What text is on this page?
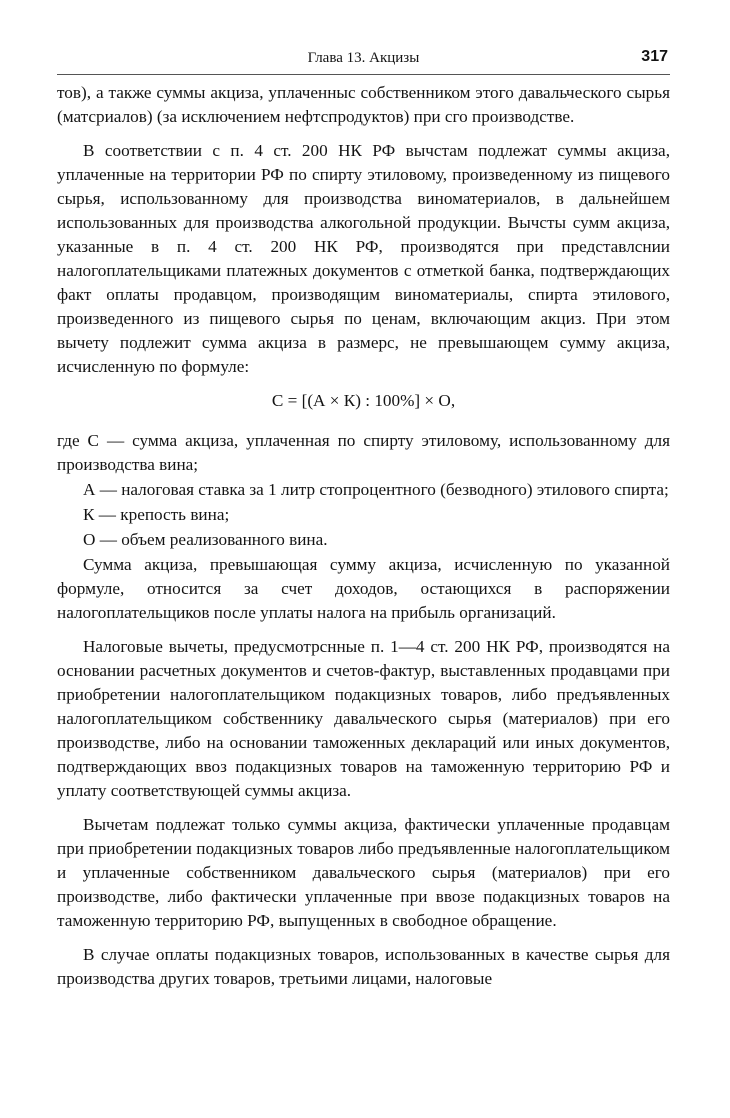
Глава 13. Акцизы	317

тов), а также суммы акциза, уплаченныс собственником этого давальческого сырья (матсриалов) (за исключением нефтспродуктов) при сго производстве.

В соответствии с п. 4 ст. 200 НК РФ вычстам подлежат суммы акциза, уплаченные на территории РФ по спирту этиловому, произведенному из пищевого сырья, использованному для производства виноматериалов, в дальнейшем использованных для производства алкогольной продукции. Вычсты сумм акциза, указанные в п. 4 ст. 200 НК РФ, производятся при представлснии налогоплательщиками платежных документов с отметкой банка, подтверждающих факт оплаты продавцом, производящим виномaтериалы, спирта этилового, произведенного из пищевого сырья по ценам, включающим акциз. При этом вычету подлежит сумма акциза в размерс, нe превышающем сумму акциза, исчисленную по формуле:

С = [(А × К) : 100%] × О,

где С — сумма акциза, уплаченная по спирту этиловому, использованному для производства вина;

А — налоговая ставка за 1 литр стопроцентного (безводного) этилового спирта;

К — крепость вина;

О — объем реализованного вина.

Сумма акциза, превышающая сумму акциза, исчисленную по указанной формуле, относится за счет доходов, остающихся в распоряжении налогоплательщиков после уплаты налога на прибыль организаций.

Налоговые вычеты, предусмотрснные п. 1—4 ст. 200 НК РФ, производятся на основании расчетных документов и счетов-фактур, выставленных продавцами при приобретении налогоплательщиком подакцизных товаров, либо предъявленных налогоплательщиком собственнику давальческого сырья (материалов) при его производстве, либо на основании таможенных деклараций или иных документов, подтверждающих ввоз подакцизных товаров на таможенную территорию РФ и уплату соответствующей суммы акциза.

Вычетам подлежат только суммы акциза, фактически уплаченные продавцам при приобретении подакцизных товаров либо предъявленные налогоплательщиком и уплаченные собственником давальческого сырья (материалов) при его производстве, либо фактически уплаченные при ввозе подакцизных товаров на таможенную территорию РФ, выпущенных в свободное обращение.

В случае оплаты подакцизных товаров, использованных в качестве сырья для производства других товаров, третьими лицами, налоговые
